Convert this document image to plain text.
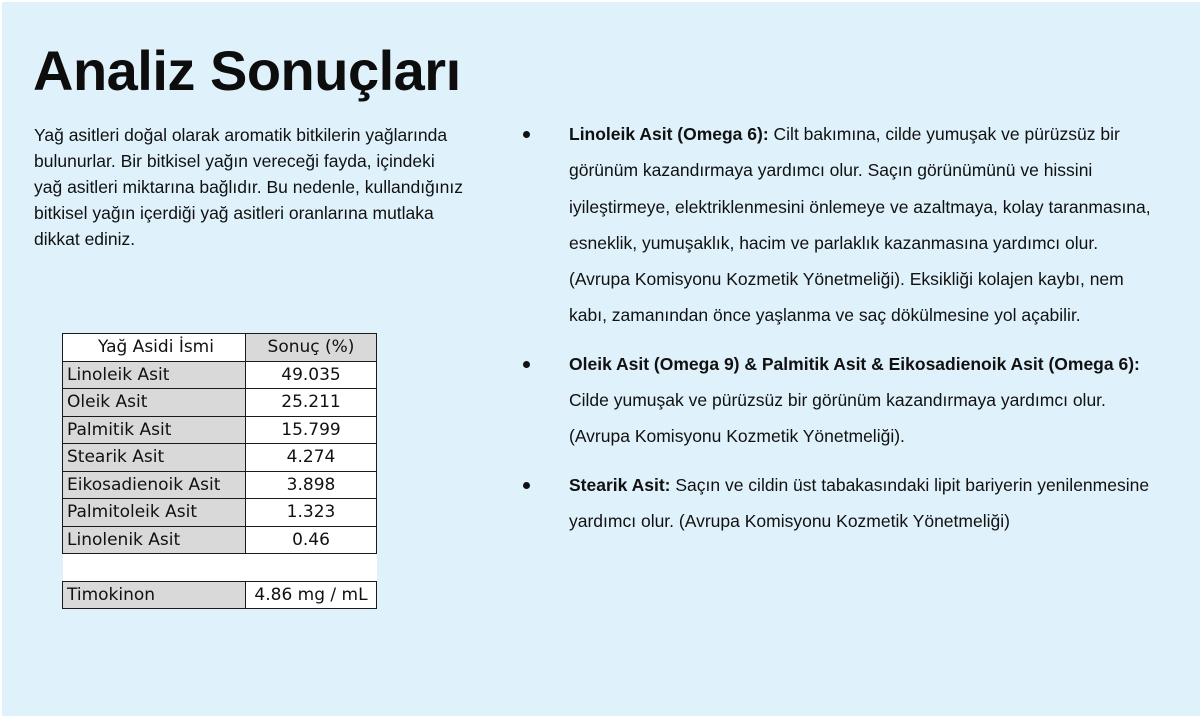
Analiz Sonuçları

Yağ asitleri doğal olarak aromatik bitkilerin yağlarında bulunurlar. Bir bitkisel yağın vereceği fayda, içindeki yağ asitleri miktarına bağlıdır. Bu nedenle, kullandığınız bitkisel yağın içerdiği yağ asitleri oranlarına mutlaka dikkat ediniz.

Yağ Asidi İsmi	Sonuç (%)
Linoleik Asit	49.035
Oleik Asit	25.211
Palmitik Asit	15.799
Stearik Asit	4.274
Eikosadienoik Asit	3.898
Palmitoleik Asit	1.323
Linolenik Asit	0.46

Timokinon	4.86 mg / mL
Linoleik Asit (Omega 6): Cilt bakımına, cilde yumuşak ve pürüzsüz bir görünüm kazandırmaya yardımcı olur. Saçın görünümünü ve hissini iyileştirmeye, elektriklenmesini önlemeye ve azaltmaya, kolay taranmasına, esneklik, yumuşaklık, hacim ve parlaklık kazanmasına yardımcı olur. (Avrupa Komisyonu Kozmetik Yönetmeliği). Eksikliği kolajen kaybı, nem kabı, zamanından önce yaşlanma ve saç dökülmesine yol açabilir.
Oleik Asit (Omega 9) & Palmitik Asit & Eikosadienoik Asit (Omega 6): Cilde yumuşak ve pürüzsüz bir görünüm kazandırmaya yardımcı olur. (Avrupa Komisyonu Kozmetik Yönetmeliği).
Stearik Asit: Saçın ve cildin üst tabakasındaki lipit bariyerin yenilenmesine yardımcı olur. (Avrupa Komisyonu Kozmetik Yönetmeliği)
